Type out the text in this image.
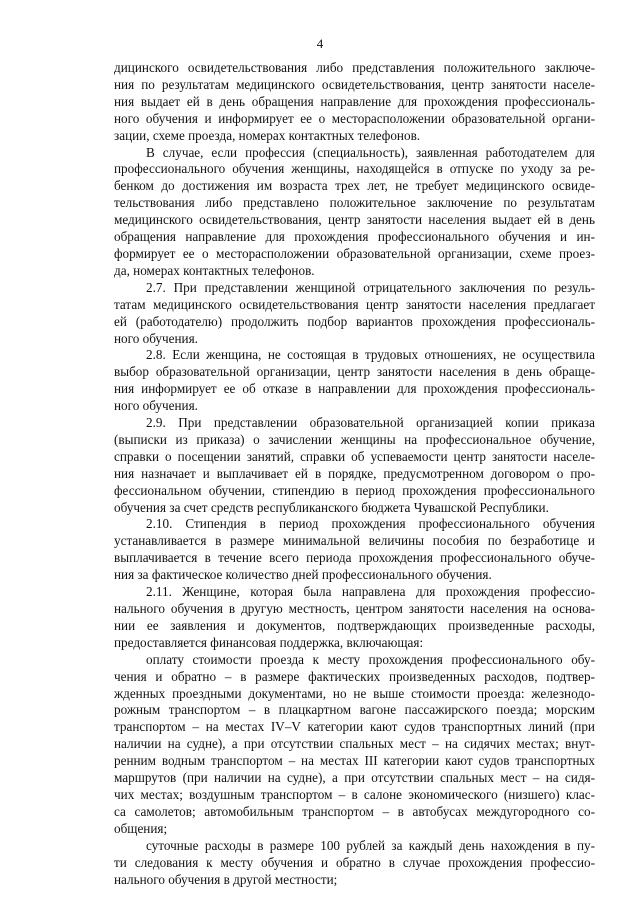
4
дицинского освидетельствования либо представления положительного заключе-
ния по результатам медицинского освидетельствования, центр занятости населе-
ния выдает ей в день обращения направление для прохождения профессиональ-
ного обучения и информирует ее о месторасположении образовательной органи-
зации, схеме проезда, номерах контактных телефонов.
В случае, если профессия (специальность), заявленная работодателем для
профессионального обучения женщины, находящейся в отпуске по уходу за ре-
бенком до достижения им возраста трех лет, не требует медицинского освиде-
тельствования либо представлено положительное заключение по результатам
медицинского освидетельствования, центр занятости населения выдает ей в день
обращения направление для прохождения профессионального обучения и ин-
формирует ее о месторасположении образовательной организации, схеме проез-
да, номерах контактных телефонов.
2.7. При представлении женщиной отрицательного заключения по резуль-
татам медицинского освидетельствования центр занятости населения предлагает
ей (работодателю) продолжить подбор вариантов прохождения профессиональ-
ного обучения.
2.8. Если женщина, не состоящая в трудовых отношениях, не осуществила
выбор образовательной организации, центр занятости населения в день обраще-
ния информирует ее об отказе в направлении для прохождения профессиональ-
ного обучения.
2.9. При представлении образовательной организацией копии приказа
(выписки из приказа) о зачислении женщины на профессиональное обучение,
справки о посещении занятий, справки об успеваемости центр занятости населе-
ния назначает и выплачивает ей в порядке, предусмотренном договором о про-
фессиональном обучении, стипендию в период прохождения профессионального
обучения за счет средств республиканского бюджета Чувашской Республики.
2.10. Стипендия в период прохождения профессионального обучения
устанавливается в размере минимальной величины пособия по безработице и
выплачивается в течение всего периода прохождения профессионального обуче-
ния за фактическое количество дней профессионального обучения.
2.11. Женщине, которая была направлена для прохождения профессио-
нального обучения в другую местность, центром занятости населения на основа-
нии ее заявления и документов, подтверждающих произведенные расходы,
предоставляется финансовая поддержка, включающая:
оплату стоимости проезда к месту прохождения профессионального обу-
чения и обратно – в размере фактических произведенных расходов, подтвер-
жденных проездными документами, но не выше стоимости проезда: железнодо-
рожным транспортом – в плацкартном вагоне пассажирского поезда; морским
транспортом – на местах IV–V категории кают судов транспортных линий (при
наличии на судне), а при отсутствии спальных мест – на сидячих местах; внут-
ренним водным транспортом – на местах III категории кают судов транспортных
маршрутов (при наличии на судне), а при отсутствии спальных мест – на сидя-
чих местах; воздушным транспортом – в салоне экономического (низшего) клас-
са самолетов; автомобильным транспортом – в автобусах междугородного со-
общения;
суточные расходы в размере 100 рублей за каждый день нахождения в пу-
ти следования к месту обучения и обратно в случае прохождения профессио-
нального обучения в другой местности;
